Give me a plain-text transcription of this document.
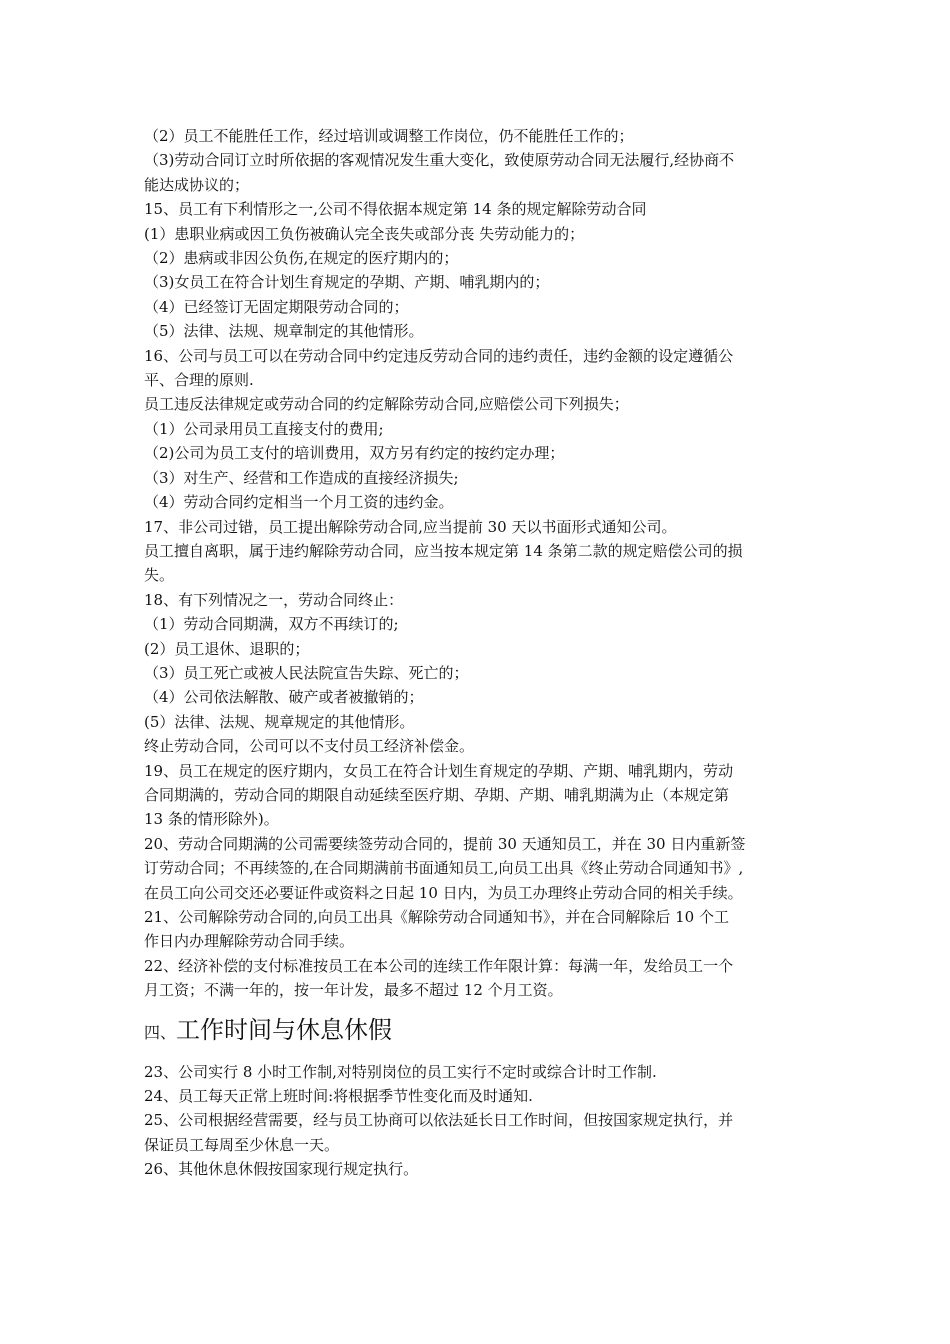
（2）员工不能胜任工作，经过培训或调整工作岗位，仍不能胜任工作的；
（3)劳动合同订立时所依据的客观情况发生重大变化，致使原劳动合同无法履行,经协商不
能达成协议的；
15、员工有下利情形之一,公司不得依据本规定第 14 条的规定解除劳动合同
(1）患职业病或因工负伤被确认完全丧失或部分丧 失劳动能力的；
（2）患病或非因公负伤,在规定的医疗期内的；
（3)女员工在符合计划生育规定的孕期、产期、哺乳期内的；
（4）已经签订无固定期限劳动合同的；
（5）法律、法规、规章制定的其他情形。
16、公司与员工可以在劳动合同中约定违反劳动合同的违约责任，违约金额的设定遵循公
平、合理的原则.
员工违反法律规定或劳动合同的约定解除劳动合同,应赔偿公司下列损失；
（1）公司录用员工直接支付的费用;
（2)公司为员工支付的培训费用，双方另有约定的按约定办理；
（3）对生产、经营和工作造成的直接经济损失;
（4）劳动合同约定相当一个月工资的违约金。
17、非公司过错，员工提出解除劳动合同,应当提前 30 天以书面形式通知公司。
员工擅自离职，属于违约解除劳动合同，应当按本规定第 14 条第二款的规定赔偿公司的损
失。
18、有下列情况之一，劳动合同终止：
（1）劳动合同期满，双方不再续订的;
(2）员工退休、退职的；
（3）员工死亡或被人民法院宣告失踪、死亡的；
（4）公司依法解散、破产或者被撤销的；
(5）法律、法规、规章规定的其他情形。
终止劳动合同，公司可以不支付员工经济补偿金。
19、员工在规定的医疗期内，女员工在符合计划生育规定的孕期、产期、哺乳期内，劳动
合同期满的，劳动合同的期限自动延续至医疗期、孕期、产期、哺乳期满为止（本规定第
13 条的情形除外)。
20、劳动合同期满的公司需要续签劳动合同的，提前 30 天通知员工，并在 30 日内重新签
订劳动合同；不再续签的,在合同期满前书面通知员工,向员工出具《终止劳动合同通知书》,
在员工向公司交还必要证件或资料之日起 10 日内，为员工办理终止劳动合同的相关手续。
21、公司解除劳动合同的,向员工出具《解除劳动合同通知书》，并在合同解除后 10 个工
作日内办理解除劳动合同手续。
22、经济补偿的支付标准按员工在本公司的连续工作年限计算：每满一年，发给员工一个
月工资；不满一年的，按一年计发，最多不超过 12 个月工资。
四、工作时间与休息休假
23、公司实行 8 小时工作制,对特别岗位的员工实行不定时或综合计时工作制.
24、员工每天正常上班时间:将根据季节性变化而及时通知.
25、公司根据经营需要，经与员工协商可以依法延长日工作时间，但按国家规定执行，并
保证员工每周至少休息一天。
26、其他休息休假按国家现行规定执行。
